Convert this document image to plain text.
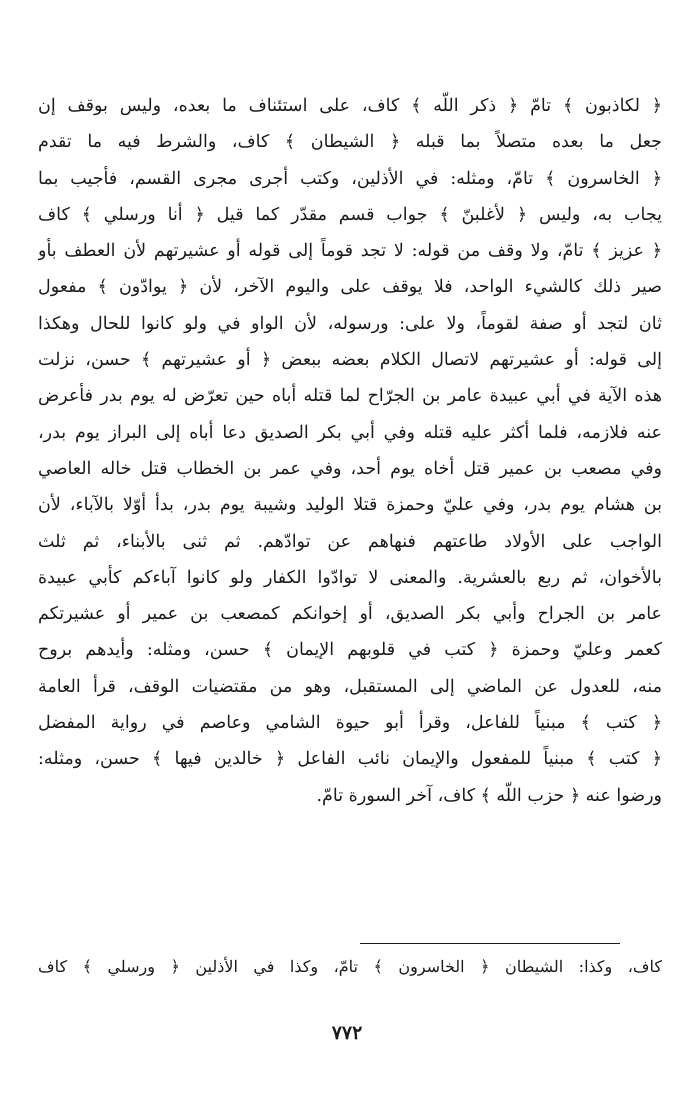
﴿ لكاذبون ﴾ تامّ ﴿ ذكر اللّه ﴾ كاف، على استئناف ما بعده، وليس بوقف إن
جعل ما بعده متصلاً بما قبله ﴿ الشيطان ﴾ كاف، والشرط فيه ما تقدم
﴿ الخاسرون ﴾ تامّ، ومثله: في الأذلين، وكتب أجرى مجرى القسم، فأجيب بما
يجاب به، وليس ﴿ لأغلبنّ ﴾ جواب قسم مقدّر كما قيل ﴿ أنا ورسلي ﴾ كاف
﴿ عزيز ﴾ تامّ، ولا وقف من قوله: لا تجد قوماً إلى قوله أو عشيرتهم لأن العطف بأو
صير ذلك كالشيء الواحد، فلا يوقف على واليوم الآخر، لأن ﴿ يوادّون ﴾ مفعول
ثان لتجد أو صفة لقوماً، ولا على: ورسوله، لأن الواو في ولو كانوا للحال وهكذا
إلى قوله: أو عشيرتهم لاتصال الكلام بعضه ببعض ﴿ أو عشيرتهم ﴾ حسن، نزلت
هذه الآية في أبي عبيدة عامر بن الجرّاح لما قتله أباه حين تعرّض له يوم بدر فأعرض
عنه فلازمه، فلما أكثر عليه قتله وفي أبي بكر الصديق دعا أباه إلى البراز يوم بدر،
وفي مصعب بن عمير قتل أخاه يوم أحد، وفي عمر بن الخطاب قتل خاله العاصي
بن هشام يوم بدر، وفي عليّ وحمزة قتلا الوليد وشيبة يوم بدر، بدأ أوّلا بالآباء، لأن
الواجب على الأولاد طاعتهم فنهاهم عن توادّهم. ثم ثنى بالأبناء، ثم ثلث
بالأخوان، ثم ربع بالعشرية. والمعنى لا توادّوا الكفار ولو كانوا آباءكم كأبي عبيدة
عامر بن الجراح وأبي بكر الصديق، أو إخوانكم كمصعب بن عمير أو عشيرتكم
كعمر وعليّ وحمزة ﴿ كتب في قلوبهم الإيمان ﴾ حسن، ومثله: وأيدهم بروح
منه، للعدول عن الماضي إلى المستقبل، وهو من مقتضيات الوقف، قرأ العامة
﴿ كتب ﴾ مبنياً للفاعل، وقرأ أبو حيوة الشامي وعاصم في رواية المفضل
﴿ كتب ﴾ مبنياً للمفعول والإيمان نائب الفاعل ﴿ خالدين فيها ﴾ حسن، ومثله:
ورضوا عنه ﴿ حزب اللّه ﴾ كاف، آخر السورة تامّ.
كاف، وكذا: الشيطان ﴿ الخاسرون ﴾ تامّ، وكذا في الأذلين ﴿ ورسلي ﴾ كاف
٧٧٢
